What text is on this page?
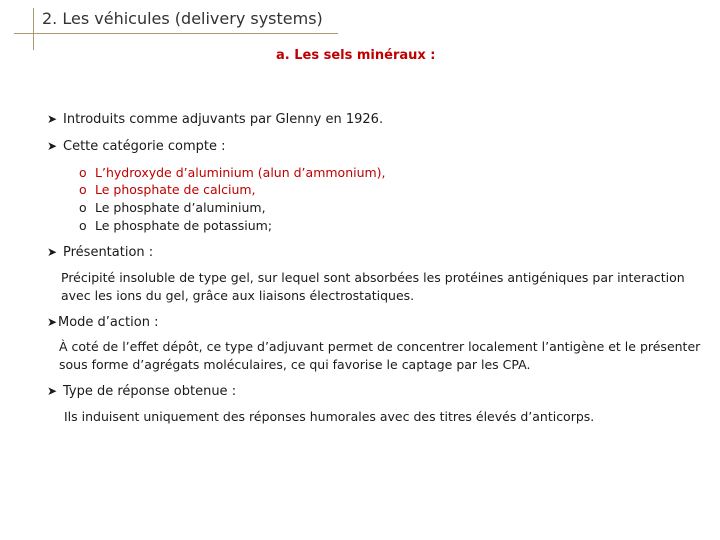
2. Les véhicules (delivery systems)
a. Les sels minéraux :
➤ Introduits comme adjuvants par Glenny en 1926.
➤ Cette catégorie compte :
o L’hydroxyde d’aluminium (alun d’ammonium),
o Le phosphate de calcium,
o Le phosphate d’aluminium,
o Le phosphate de potassium;
➤ Présentation :
Précipité insoluble de type gel, sur lequel sont absorbées les protéines antigéniques par interaction
avec les ions du gel, grâce aux liaisons électrostatiques.
➤ Mode d’action :
À coté de l’effet dépôt, ce type d’adjuvant permet de concentrer localement l’antigène et le présenter
sous forme d’agrégats moléculaires, ce qui favorise le captage par les CPA.
➤ Type de réponse obtenue :
Ils induisent uniquement des réponses humorales avec des titres élevés d’anticorps.
